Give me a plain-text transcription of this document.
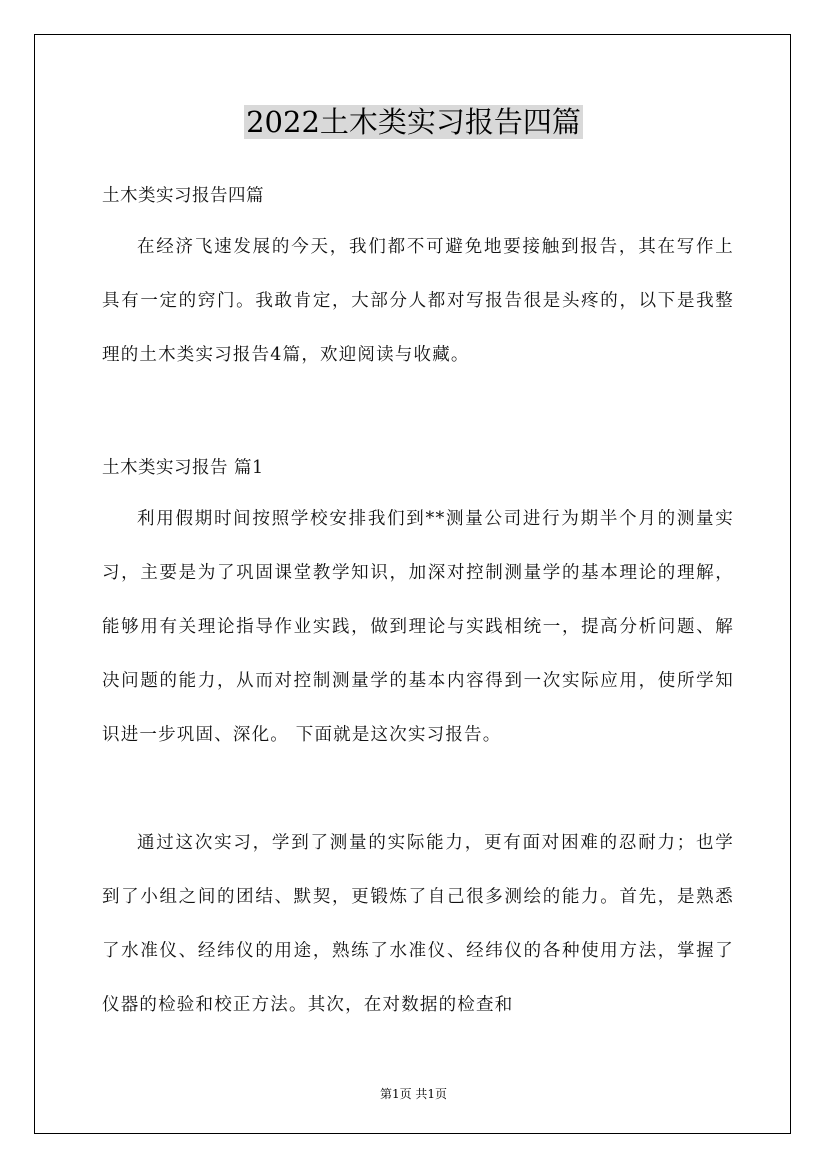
2022土木类实习报告四篇
土木类实习报告四篇
在经济飞速发展的今天，我们都不可避免地要接触到报告，其在写作上具有一定的窍门。我敢肯定，大部分人都对写报告很是头疼的，以下是我整理的土木类实习报告4篇，欢迎阅读与收藏。
土木类实习报告 篇1
利用假期时间按照学校安排我们到**测量公司进行为期半个月的测量实习，主要是为了巩固课堂教学知识，加深对控制测量学的基本理论的理解，能够用有关理论指导作业实践，做到理论与实践相统一，提高分析问题、解决问题的能力，从而对控制测量学的基本内容得到一次实际应用，使所学知识进一步巩固、深化。 下面就是这次实习报告。
通过这次实习，学到了测量的实际能力，更有面对困难的忍耐力；也学到了小组之间的团结、默契，更锻炼了自己很多测绘的能力。首先，是熟悉了水准仪、经纬仪的用途，熟练了水准仪、经纬仪的各种使用方法，掌握了仪器的检验和校正方法。其次，在对数据的检查和
第1页 共1页
